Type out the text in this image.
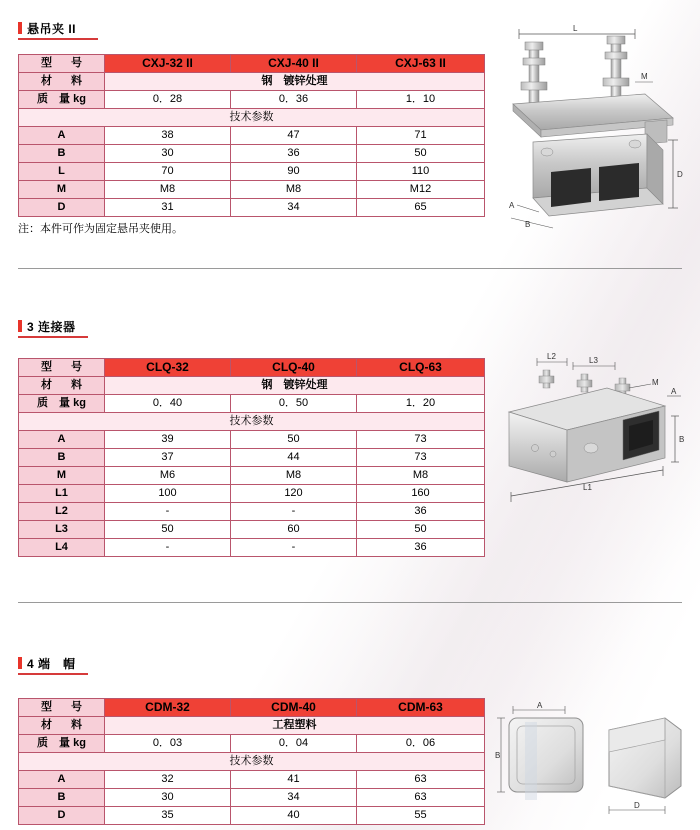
悬吊夹 II
型　号	CXJ-32 II	CXJ-40 II	CXJ-63 II
材　料	钢　镀锌处理		
质　量 kg	0．28	0．36	1．10
技术参数			
A	38	47	71
B	30	36	50
L	70	90	110
M	M8	M8	M12
D	31	34	65
注：本件可作为固定悬吊夹使用。
L
M
D
B
A
3 连接器
型　号	CLQ-32	CLQ-40	CLQ-63
材　料	钢　镀锌处理		
质　量 kg	0．40	0．50	1．20
技术参数			
A	39	50	73
B	37	44	73
M	M6	M8	M8
L1	100	120	160
L2	-	-	36
L3	50	60	50
L4	-	-	36
L2	L3
M
A
B
L1
4 端　帽
型　号	CDM-32	CDM-40	CDM-63
材　料	工程塑料		
质　量 kg	0．03	0．04	0．06
技术参数			
A	32	41	63
B	30	34	63
D	35	40	55
A
B
D
